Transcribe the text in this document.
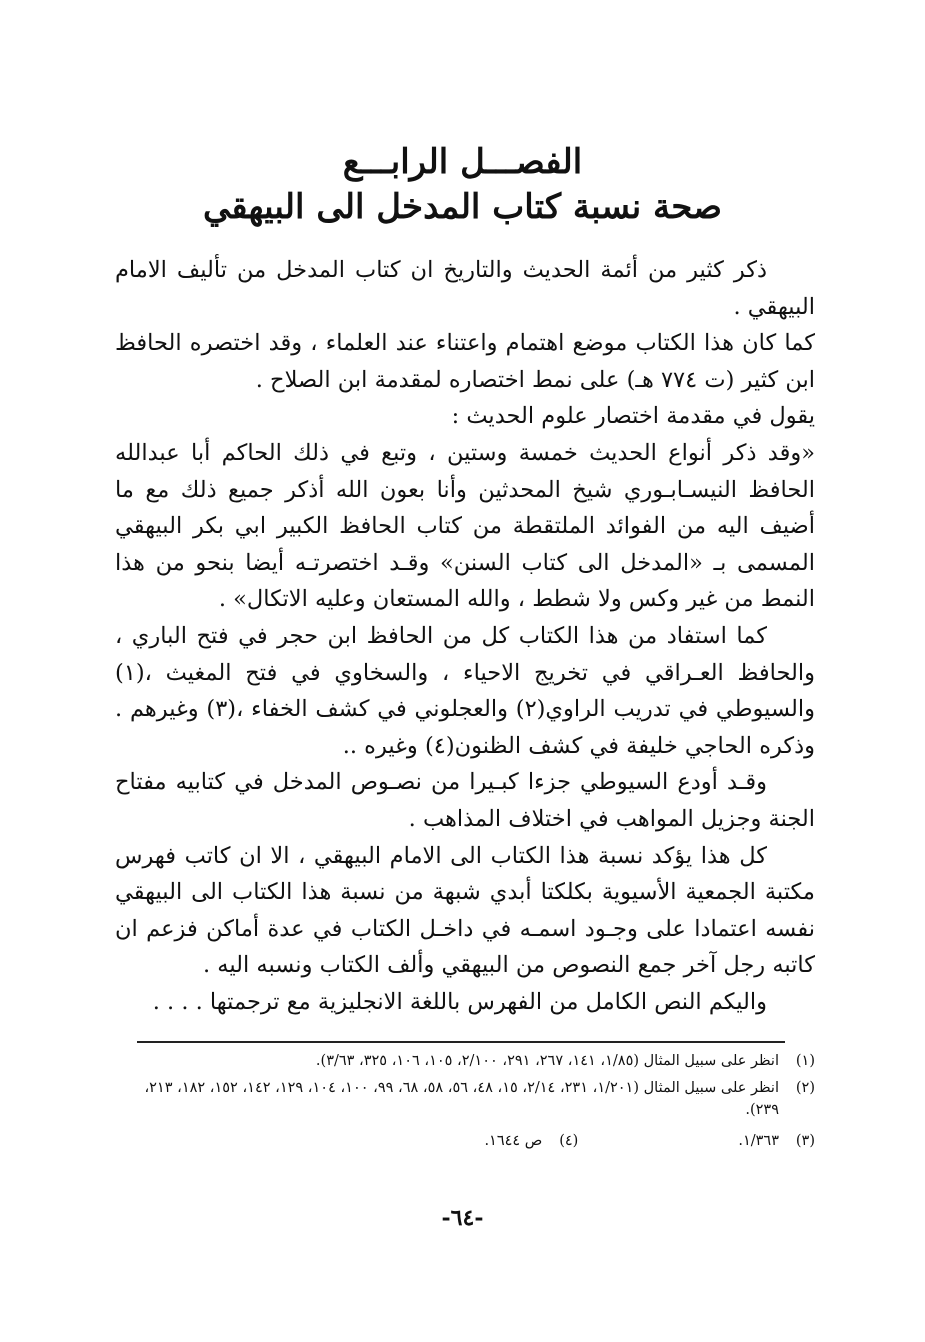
الفصـــل الرابـــع
صحة نسبة كتاب المدخل الى البيهقي

ذكر كثير من أئمة الحديث والتاريخ ان كتاب المدخل من تأليف الامام البيهقي .

كما كان هذا الكتاب موضع اهتمام واعتناء عند العلماء ، وقد اختصره الحافظ ابن كثير (ت ٧٧٤ هـ) على نمط اختصاره لمقدمة ابن الصلاح .

يقول في مقدمة اختصار علوم الحديث :

«وقد ذكر أنواع الحديث خمسة وستين ، وتبع في ذلك الحاكم أبا عبدالله الحافظ النيسـابـوري شيخ المحدثين وأنا بعون الله أذكر جميع ذلك مع ما أضيف اليه من الفوائد الملتقطة من كتاب الحافظ الكبير ابي بكر البيهقي المسمى بـ «المدخل الى كتاب السنن» وقـد اختصرتـه أيضا بنحو من هذا النمط من غير وكس ولا شطط ، والله المستعان وعليه الاتكال» .

كما استفاد من هذا الكتاب كل من الحافظ ابن حجر في فتح الباري ، والحافظ العـراقي في تخريج الاحياء ، والسخاوي في فتح المغيث ،(١) والسيوطي في تدريب الراوي(٢) والعجلوني في كشف الخفاء ،(٣) وغيرهم . وذكره الحاجي خليفة في كشف الظنون(٤) وغيره ..

وقـد أودع السيوطي جزءا كبـيرا من نصـوص المدخل في كتابيه مفتاح الجنة وجزيل المواهب في اختلاف المذاهب .

كل هذا يؤكد نسبة هذا الكتاب الى الامام البيهقي ، الا ان كاتب فهرس مكتبة الجمعية الأسيوية بكلكتا أبدي شبهة من نسبة هذا الكتاب الى البيهقي نفسه اعتمادا على وجـود اسمـه في داخـل الكتاب في عدة أماكن فزعم ان كاتبه رجل آخر جمع النصوص من البيهقي وألف الكتاب ونسبه اليه .

واليكم النص الكامل من الفهرس باللغة الانجليزية مع ترجمتها . . . .

(١)
انظر على سبيل المثال (١/٨٥، ١٤١، ٢٦٧، ٢٩١، ٢/١٠٠، ١٠٥، ١٠٦، ٣٢٥، ٣/٦٣).
(٢)
انظر على سبيل المثال (١/٢٠١، ٢٣١، ٢/١٤، ١٥، ٤٨، ٥٦، ٥٨، ٦٨، ٩٩، ١٠٠، ١٠٤، ١٢٩، ١٤٢، ١٥٢، ١٨٢، ٢١٣، ٢٣٩).
(٣)
١/٣٦٣.
(٤)
ص ١٦٤٤.
-٦٤-
